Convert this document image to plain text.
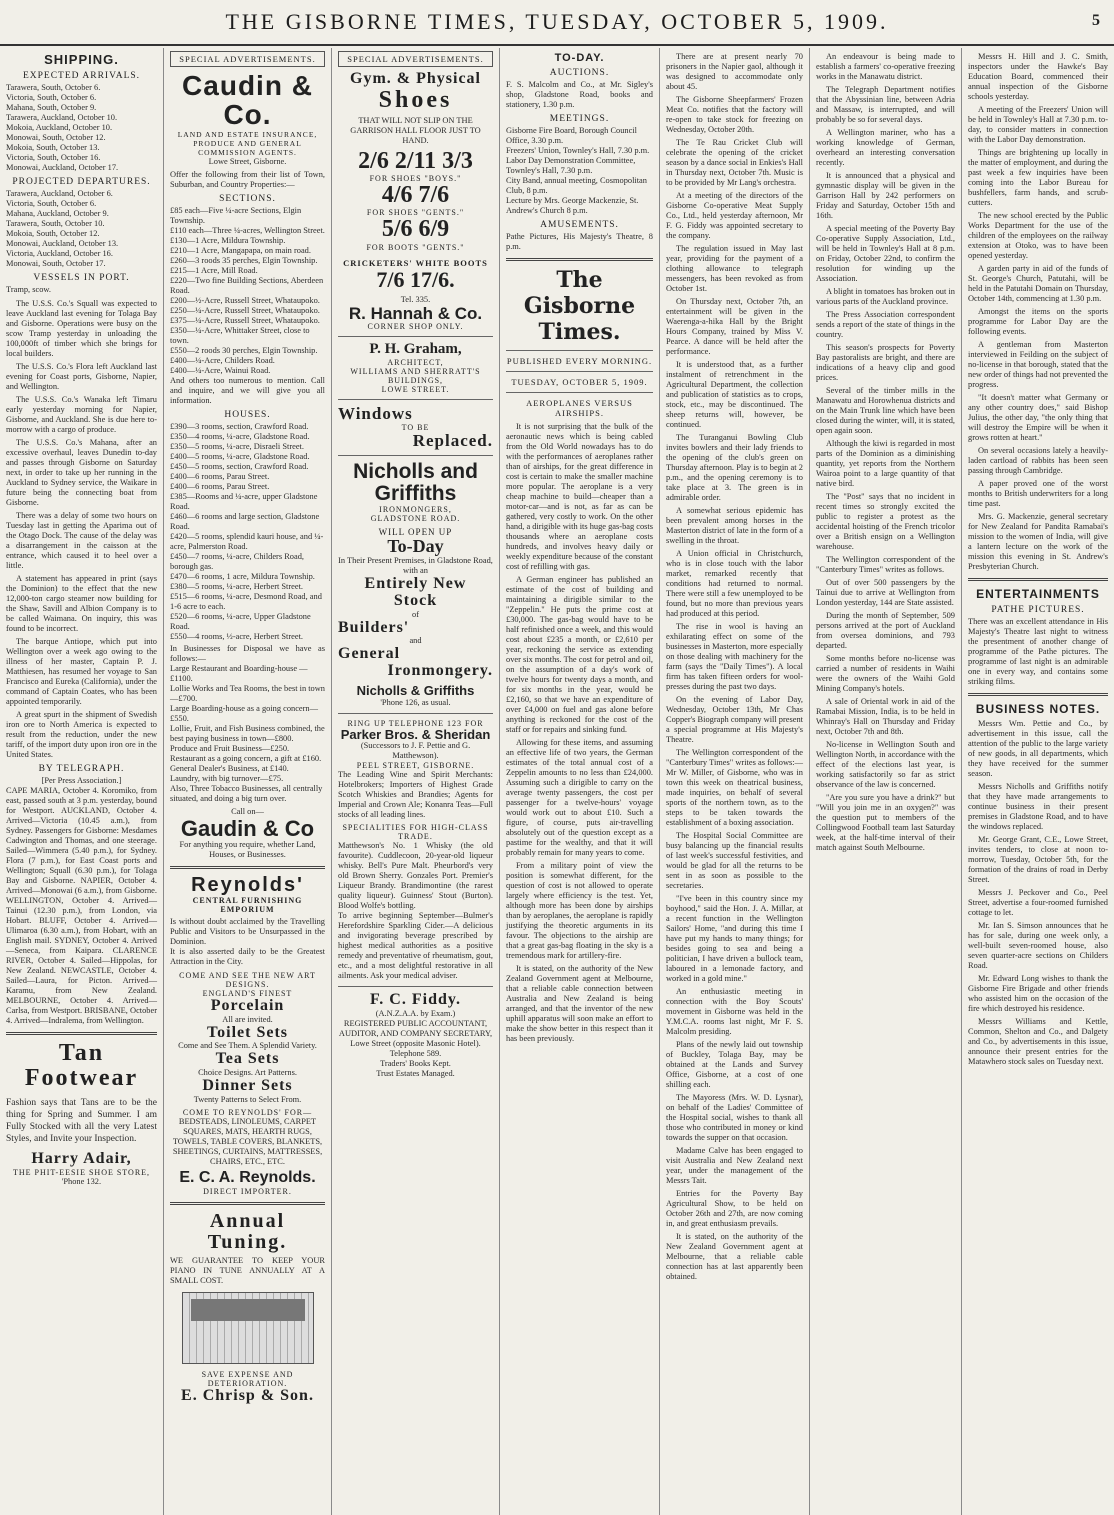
THE GISBORNE TIMES, TUESDAY, OCTOBER 5, 1909.	5
SHIPPING.
EXPECTED ARRIVALS.
Tarawera, South, October 6.
Victoria, South, October 6.
Mahana, South, October 9.
Tarawera, Auckland, October 10.
Mokoia, Auckland, October 10.
Monowai, South, October 12.
Mokoia, South, October 13.
Victoria, South, October 16.
Monowai, Auckland, October 17.
PROJECTED DEPARTURES.
Tarawera, Auckland, October 6.
Victoria, South, October 6.
Mahana, Auckland, October 9.
Tarawera, South, October 10.
Mokoia, South, October 12.
Monowai, Auckland, October 13.
Victoria, Auckland, October 16.
Monowai, South, October 17.
VESSELS IN PORT.

Tramp, scow.

The U.S.S. Co.'s Squall was expected to leave Auckland last evening for Tolaga Bay and Gisborne. Operations were busy on the scow Tramp yesterday in unloading the 100,000ft of timber which she brings for local builders.

The U.S.S. Co.'s Flora left Auckland last evening for Coast ports, Gisborne, Napier, and Wellington.

The U.S.S. Co.'s Wanaka left Timaru early yesterday morning for Napier, Gisborne, and Auckland. She is due here to-morrow with a cargo of produce.

The U.S.S. Co.'s Mahana, after an excessive overhaul, leaves Dunedin to-day and passes through Gisborne on Saturday next, in order to take up her running in the Auckland to Sydney service, the Waikare in future being the connecting boat from Gisborne.

There was a delay of some two hours on Tuesday last in getting the Aparima out of the Otago Dock. The cause of the delay was a disarrangement in the caisson at the entrance, which caused it to heel over a little.

A statement has appeared in print (says the Dominion) to the effect that the new 12,000-ton cargo steamer now building for the Shaw, Savill and Albion Company is to be called Waimana. On inquiry, this was found to be incorrect.

The barque Antiope, which put into Wellington over a week ago owing to the illness of her master, Captain P. J. Matthiesen, has resumed her voyage to San Francisco and Eureka (California), under the command of Captain Coates, who has been appointed temporarily.

A great spurt in the shipment of Swedish iron ore to North America is expected to result from the reduction, under the new tariff, of the import duty upon iron ore in the United States.

BY TELEGRAPH.
[Per Press Association.]

CAPE MARIA, October 4. Koromiko, from east, passed south at 3 p.m. yesterday, bound for Westport. AUCKLAND, October 4. Arrived—Victoria (10.45 a.m.), from Sydney. Passengers for Gisborne: Mesdames Cadwington and Thomas, and one steerage. Sailed—Wimmera (5.40 p.m.), for Sydney. Flora (7 p.m.), for East Coast ports and Wellington; Squall (6.30 p.m.), for Tolaga Bay and Gisborne. NAPIER, October 4. Arrived—Monowai (6 a.m.), from Gisborne. WELLINGTON, October 4. Arrived—Tainui (12.30 p.m.), from London, via Hobart. BLUFF, October 4. Arrived—Ulimaroa (6.30 a.m.), from Hobart, with an English mail. SYDNEY, October 4. Arrived—Seneca, from Kaipara. CLARENCE RIVER, October 4. Sailed—Hippolas, for New Zealand. NEWCASTLE, October 4. Sailed—Laura, for Picton. Arrived—Karamu, from New Zealand. MELBOURNE, October 4. Arrived—Carlsa, from Westport. BRISBANE, October 4. Arrived—Indralema, from Wellington.

Tan Footwear

Fashion says that Tans are to be the thing for Spring and Summer. I am Fully Stocked with all the very Latest Styles, and Invite your Inspection.

Harry Adair,
THE PHIT-EESIE SHOE STORE,
'Phone 132.
SPECIAL ADVERTISEMENTS.
Caudin & Co.
LAND AND ESTATE INSURANCE, PRODUCE AND GENERAL COMMISSION AGENTS.
Lowe Street, Gisborne.

Offer the following from their list of Town, Suburban, and Country Properties:—

SECTIONS.
£85 each—Five ¼-acre Sections, Elgin Township.
£110 each—Three ¼-acres, Wellington Street.
£130—1 Acre, Mildura Township.
£210—1 Acre, Mangapapa, on main road.
£260—3 roods 35 perches, Elgin Township.
£215—1 Acre, Mill Road.
£220—Two fine Building Sections, Aberdeen Road.
£200—½-Acre, Russell Street, Whataupoko.
£250—¼-Acre, Russell Street, Whataupoko.
£375—¼-Acre, Russell Street, Whataupoko.
£350—¼-Acre, Whittaker Street, close to town.
£550—2 roods 30 perches, Elgin Township.
£400—¼-Acre, Childers Road.
£400—¼-Acre, Wainui Road.

And others too numerous to mention. Call and inquire, and we will give you all information.

HOUSES.
£390—3 rooms, section, Crawford Road.
£350—4 rooms, ¼-acre, Gladstone Road.
£350—5 rooms, ¼-acre, Disraeli Street.
£400—5 rooms, ¼-acre, Gladstone Road.
£450—5 rooms, section, Crawford Road.
£400—6 rooms, Parau Street.
£400—6 rooms, Parau Street.
£385—Rooms and ¼-acre, upper Gladstone Road.
£460—6 rooms and large section, Gladstone Road.
£420—5 rooms, splendid kauri house, and ¼-acre, Palmerston Road.
£450—7 rooms, ¼-acre, Childers Road, borough gas.
£470—6 rooms, 1 acre, Mildura Township.
£380—5 rooms, ¼-acre, Herbert Street.
£515—6 rooms, ¼-acre, Desmond Road, and 1-6 acre to each.
£520—6 rooms, ¼-acre, Upper Gladstone Road.
£550—4 rooms, ½-acre, Herbert Street.

In Businesses for Disposal we have as follows:—

Large Restaurant and Boarding-house —£1100.
Lollie Works and Tea Rooms, the best in town—£700.
Large Boarding-house as a going concern—£550.
Lollie, Fruit, and Fish Business combined, the best paying business in town—£800.
Produce and Fruit Business—£250.
Restaurant as a going concern, a gift at £160.
General Dealer's Business, at £140.
Laundry, with big turnover—£75.
Also, Three Tobacco Businesses, all centrally situated, and doing a big turn over.
Call on—
Gaudin & Co

For anything you require, whether Land, Houses, or Businesses.

Reynolds'
CENTRAL FURNISHING EMPORIUM

Is without doubt acclaimed by the Travelling Public and Visitors to be Unsurpassed in the Dominion.

It is also asserted daily to be the Greatest Attraction in the City.

COME AND SEE THE NEW ART DESIGNS.
ENGLAND'S FINEST
Porcelain
All are invited.
Toilet Sets
Come and See Them. A Splendid Variety.
Tea Sets
Choice Designs. Art Patterns.
Dinner Sets
Twenty Patterns to Select From.
COME TO REYNOLDS' FOR—

BEDSTEADS, LINOLEUMS, CARPET SQUARES, MATS, HEARTH RUGS, TOWELS, TABLE COVERS, BLANKETS, SHEETINGS, CURTAINS, MATTRESSES, CHAIRS, ETC., ETC.

E. C. A. Reynolds.
DIRECT IMPORTER.
Annual Tuning.

WE GUARANTEE TO KEEP YOUR PIANO IN TUNE ANNUALLY AT A SMALL COST.

SAVE EXPENSE AND DETERIORATION.
E. Chrisp & Son.
SPECIAL ADVERTISEMENTS.
Gym. & Physical
Shoes

THAT WILL NOT SLIP ON THE GARRISON HALL FLOOR JUST TO HAND.

2/6 2/11 3/3
FOR SHOES "BOYS."
4/6 7/6
FOR SHOES "GENTS."
5/6 6/9
FOR BOOTS "GENTS."
CRICKETERS' WHITE BOOTS
7/6 17/6.
Tel. 335.
R. Hannah & Co.
CORNER SHOP ONLY.
P. H. Graham,
ARCHITECT,
WILLIAMS AND SHERRATT'S BUILDINGS,
LOWE STREET.
Windows
TO BE
Replaced.
Nicholls and Griffiths
IRONMONGERS,
GLADSTONE ROAD.
WILL OPEN UP
To-Day

In Their Present Premises, in Gladstone Road, with an

Entirely New
Stock
of
Builders'
and
General
Ironmongery.
Nicholls & Griffiths
'Phone 126, as usual.
RING UP TELEPHONE 123 FOR
Parker Bros. & Sheridan
(Successors to J. F. Pettie and G. Matthewson).
PEEL STREET, GISBORNE.

The Leading Wine and Spirit Merchants: Hotelbrokers; Importers of Highest Grade Scotch Whiskies and Brandies; Agents for Imperial and Crown Ale; Konanra Teas—Full stocks of all leading lines.

SPECIALITIES FOR HIGH-CLASS TRADE.

Matthewson's No. 1 Whisky (the old favourite). Cuddlecoon, 20-year-old liqueur whisky. Bell's Pure Malt. Pheurbord's very old Brown Sherry. Gonzales Port. Premier's Liqueur Brandy. Brandimontine (the rarest quality liqueur). Guinness' Stout (Burton). Blood Wolfe's bottling.

To arrive beginning September—Bulmer's Herefordshire Sparkling Cider.—A delicious and invigorating beverage prescribed by highest medical authorities as a positive remedy and preventative of rheumatism, gout, etc., and a most delightful restorative in all ailments. Ask your medical adviser.

F. C. Fiddy.
(A.N.Z.A.A. by Exam.)

REGISTERED PUBLIC ACCOUNTANT, AUDITOR, AND COMPANY SECRETARY,

Lowe Street (opposite Masonic Hotel). Telephone 589.

Traders' Books Kept.
Trust Estates Managed.
TO-DAY.
AUCTIONS.

F. S. Malcolm and Co., at Mr. Sigley's shop, Gladstone Road, books and stationery, 1.30 p.m.

MEETINGS.
Gisborne Fire Board, Borough Council Office, 3.30 p.m.
Freezers' Union, Townley's Hall, 7.30 p.m.
Labor Day Demonstration Committee, Townley's Hall, 7.30 p.m.
City Band, annual meeting, Cosmopolitan Club, 8 p.m.
Lecture by Mrs. George Mackenzie, St. Andrew's Church 8 p.m.
AMUSEMENTS.

Pathe Pictures, His Majesty's Theatre, 8 p.m.

The Gisborne Times.
PUBLISHED EVERY MORNING.
TUESDAY, OCTOBER 5, 1909.
AEROPLANES VERSUS AIRSHIPS.

It is not surprising that the bulk of the aeronautic news which is being cabled from the Old World nowadays has to do with the performances of aeroplanes rather than of airships, for the great difference in cost is certain to make the smaller machine more popular. The aeroplane is a very cheap machine to build—cheaper than a motor-car—and is not, as far as can be gathered, very costly to work. On the other hand, a dirigible with its huge gas-bag costs thousands where an aeroplane costs hundreds, and involves heavy daily or weekly expenditure because of the constant cost of refilling with gas.

A German engineer has published an estimate of the cost of building and maintaining a dirigible similar to the "Zeppelin." He puts the prime cost at £30,000. The gas-bag would have to be half refinished once a week, and this would cost about £235 a month, or £2,610 per year, reckoning the service as extending over six months. The cost for petrol and oil, on the assumption of a day's work of twelve hours for twenty days a month, and for six months in the year, would be £2,160, so that we have an expenditure of over £4,000 on fuel and gas alone before anything is reckoned for the cost of the staff or for repairs and sinking fund.

Allowing for these items, and assuming an effective life of two years, the German estimates of the total annual cost of a Zeppelin amounts to no less than £24,000. Assuming such a dirigible to carry on the average twenty passengers, the cost per passenger for a twelve-hours' voyage would work out to about £10. Such a figure, of course, puts air-travelling absolutely out of the question except as a pastime for the wealthy, and that it will probably remain for many years to come.

From a military point of view the position is somewhat different, for the question of cost is not allowed to operate largely where efficiency is the test. Yet, although more has been done by airships than by aeroplanes, the aeroplane is rapidly justifying the theoretic arguments in its favour. The objections to the airship are that a great gas-bag floating in the sky is a tremendous mark for artillery-fire.

It is stated, on the authority of the New Zealand Government agent at Melbourne, that a reliable cable connection between Australia and New Zealand is being arranged, and that the inventor of the new uphill apparatus will soon make an effort to make the show better in this respect than it has been previously.

There are at present nearly 70 prisoners in the Napier gaol, although it was designed to accommodate only about 45.

The Gisborne Sheepfarmers' Frozen Meat Co. notifies that the factory will re-open to take stock for freezing on Wednesday, October 20th.

The Te Rau Cricket Club will celebrate the opening of the cricket season by a dance social in Enkies's Hall in Thursday next, October 7th. Music is to be provided by Mr Lang's orchestra.

At a meeting of the directors of the Gisborne Co-operative Meat Supply Co., Ltd., held yesterday afternoon, Mr F. G. Fiddy was appointed secretary to the company.

The regulation issued in May last year, providing for the payment of a clothing allowance to telegraph messengers, has been revoked as from October 1st.

On Thursday next, October 7th, an entertainment will be given in the Waerenga-a-hika Hall by the Bright Hours Company, trained by Miss V. Pearce. A dance will be held after the performance.

It is understood that, as a further instalment of retrenchment in the Agricultural Department, the collection and publication of statistics as to crops, stock, etc., may be discontinued. The sheep returns will, however, be continued.

The Turanganui Bowling Club invites bowlers and their lady friends to the opening of the club's green on Thursday afternoon. Play is to begin at 2 p.m., and the opening ceremony is to take place at 3. The green is in admirable order.

A somewhat serious epidemic has been prevalent among horses in the Masterton district of late in the form of a swelling in the throat.

A Union official in Christchurch, who is in close touch with the labor market, remarked recently that conditions had returned to normal. There were still a few unemployed to be found, but no more than previous years had produced at this period.

The rise in wool is having an exhilarating effect on some of the businesses in Masterton, more especially on those dealing with machinery for the farm (says the "Daily Times"). A local firm has taken fifteen orders for wool-presses during the past two days.

On the evening of Labor Day, Wednesday, October 13th, Mr Chas Copper's Biograph company will present a special programme at His Majesty's Theatre.

The Wellington correspondent of the "Canterbury Times" writes as follows:—Mr W. Miller, of Gisborne, who was in town this week on theatrical business, made inquiries, on behalf of several sports of the northern town, as to the steps to be taken towards the establishment of a boxing association.

The Hospital Social Committee are busy balancing up the financial results of last week's successful festivities, and would be glad for all the returns to be sent in as soon as possible to the secretaries.

"I've been in this country since my boyhood," said the Hon. J. A. Millar, at a recent function in the Wellington Sailors' Home, "and during this time I have put my hands to many things; for besides going to sea and being a politician, I have driven a bullock team, laboured in a lemonade factory, and worked in a gold mine."

An enthusiastic meeting in connection with the Boy Scouts' movement in Gisborne was held in the Y.M.C.A. rooms last night, Mr F. S. Malcolm presiding.

Plans of the newly laid out township of Buckley, Tolaga Bay, may be obtained at the Lands and Survey Office, Gisborne, at a cost of one shilling each.

The Mayoress (Mrs. W. D. Lysnar), on behalf of the Ladies' Committee of the Hospital social, wishes to thank all those who contributed in money or kind towards the supper on that occasion.

Madame Calve has been engaged to visit Australia and New Zealand next year, under the management of the Messrs Tait.

Entries for the Poverty Bay Agricultural Show, to be held on October 26th and 27th, are now coming in, and great enthusiasm prevails.

It is stated, on the authority of the New Zealand Government agent at Melbourne, that a reliable cable connection has at last apparently been obtained.

An endeavour is being made to establish a farmers' co-operative freezing works in the Manawatu district.

The Telegraph Department notifies that the Abyssinian line, between Adria and Massaw, is interrupted, and will probably be so for several days.

A Wellington mariner, who has a working knowledge of German, overheard an interesting conversation recently.

It is announced that a physical and gymnastic display will be given in the Garrison Hall by 242 performers on Friday and Saturday, October 15th and 16th.

A special meeting of the Poverty Bay Co-operative Supply Association, Ltd., will be held in Townley's Hall at 8 p.m. on Friday, October 22nd, to confirm the resolution for winding up the Association.

A blight in tomatoes has broken out in various parts of the Auckland province.

The Press Association correspondent sends a report of the state of things in the country.

This season's prospects for Poverty Bay pastoralists are bright, and there are indications of a heavy clip and good prices.

Several of the timber mills in the Manawatu and Horowhenua districts and on the Main Trunk line which have been closed during the winter, will, it is stated, open again soon.

Although the kiwi is regarded in most parts of the Dominion as a diminishing quantity, yet reports from the Northern Wairoa point to a large quantity of that native bird.

The "Post" says that no incident in recent times so strongly excited the public to register a protest as the accidental hoisting of the French tricolor over a British ensign on a Wellington warehouse.

The Wellington correspondent of the "Canterbury Times" writes as follows.

Out of over 500 passengers by the Tainui due to arrive at Wellington from London yesterday, 144 are State assisted.

During the month of September, 509 persons arrived at the port of Auckland from oversea dominions, and 793 departed.

Some months before no-license was carried a number of residents in Waihi were the owners of the Waihi Gold Mining Company's hotels.

A sale of Oriental work in aid of the Ramabai Mission, India, is to be held in Whinray's Hall on Thursday and Friday next, October 7th and 8th.

No-license in Wellington South and Wellington North, in accordance with the effect of the elections last year, is working satisfactorily so far as strict observance of the law is concerned.

"Are you sure you have a drink?" but "Will you join me in an oxygen?" was the question put to members of the Collingwood Football team last Saturday week, at the half-time interval of their match against South Melbourne.

Messrs H. Hill and J. C. Smith, inspectors under the Hawke's Bay Education Board, commenced their annual inspection of the Gisborne schools yesterday.

A meeting of the Freezers' Union will be held in Townley's Hall at 7.30 p.m. to-day, to consider matters in connection with the Labor Day demonstration.

Things are brightening up locally in the matter of employment, and during the past week a few inquiries have been coming into the Labor Bureau for bushfellers, farm hands, and scrub-cutters.

The new school erected by the Public Works Department for the use of the children of the employees on the railway extension at Otoko, was to have been opened yesterday.

A garden party in aid of the funds of St. George's Church, Patutahi, will be held in the Patutahi Domain on Thursday, October 14th, commencing at 1.30 p.m.

Amongst the items on the sports programme for Labor Day are the following events.

A gentleman from Masterton interviewed in Feilding on the subject of no-license in that borough, stated that the new order of things had not prevented the progress.

"It doesn't matter what Germany or any other country does," said Bishop Julius, the other day, "the only thing that will destroy the Empire will be when it grows rotten at heart."

On several occasions lately a heavily-laden cartload of rabbits has been seen passing through Cambridge.

A paper proved one of the worst months to British underwriters for a long time past.

Mrs. G. Mackenzie, general secretary for New Zealand for Pandita Ramabai's mission to the women of India, will give a lantern lecture on the work of the mission this evening in St. Andrew's Presbyterian Church.

ENTERTAINMENTS
PATHE PICTURES.

There was an excellent attendance in His Majesty's Theatre last night to witness the presentment of another change of programme of the Pathe pictures. The programme of last night is an admirable one in every way, and contains some striking films.

BUSINESS NOTES.

Messrs Wm. Pettie and Co., by advertisement in this issue, call the attention of the public to the large variety of new goods, in all departments, which they have received for the summer season.

Messrs Nicholls and Griffiths notify that they have made arrangements to continue business in their present premises in Gladstone Road, and to have the windows replaced.

Mr. George Grant, C.E., Lowe Street, invites tenders, to close at noon to-morrow, Tuesday, October 5th, for the formation of the drains of road in Derby Street.

Messrs J. Peckover and Co., Peel Street, advertise a four-roomed furnished cottage to let.

Mr. Ian S. Simson announces that he has for sale, during one week only, a well-built seven-roomed house, also seven quarter-acre sections on Childers Road.

Mr. Edward Long wishes to thank the Gisborne Fire Brigade and other friends who assisted him on the occasion of the fire which destroyed his residence.

Messrs Williams and Kettle, Common, Shelton and Co., and Dalgety and Co., by advertisements in this issue, announce their present entries for the Matawhero stock sales on Tuesday next.
